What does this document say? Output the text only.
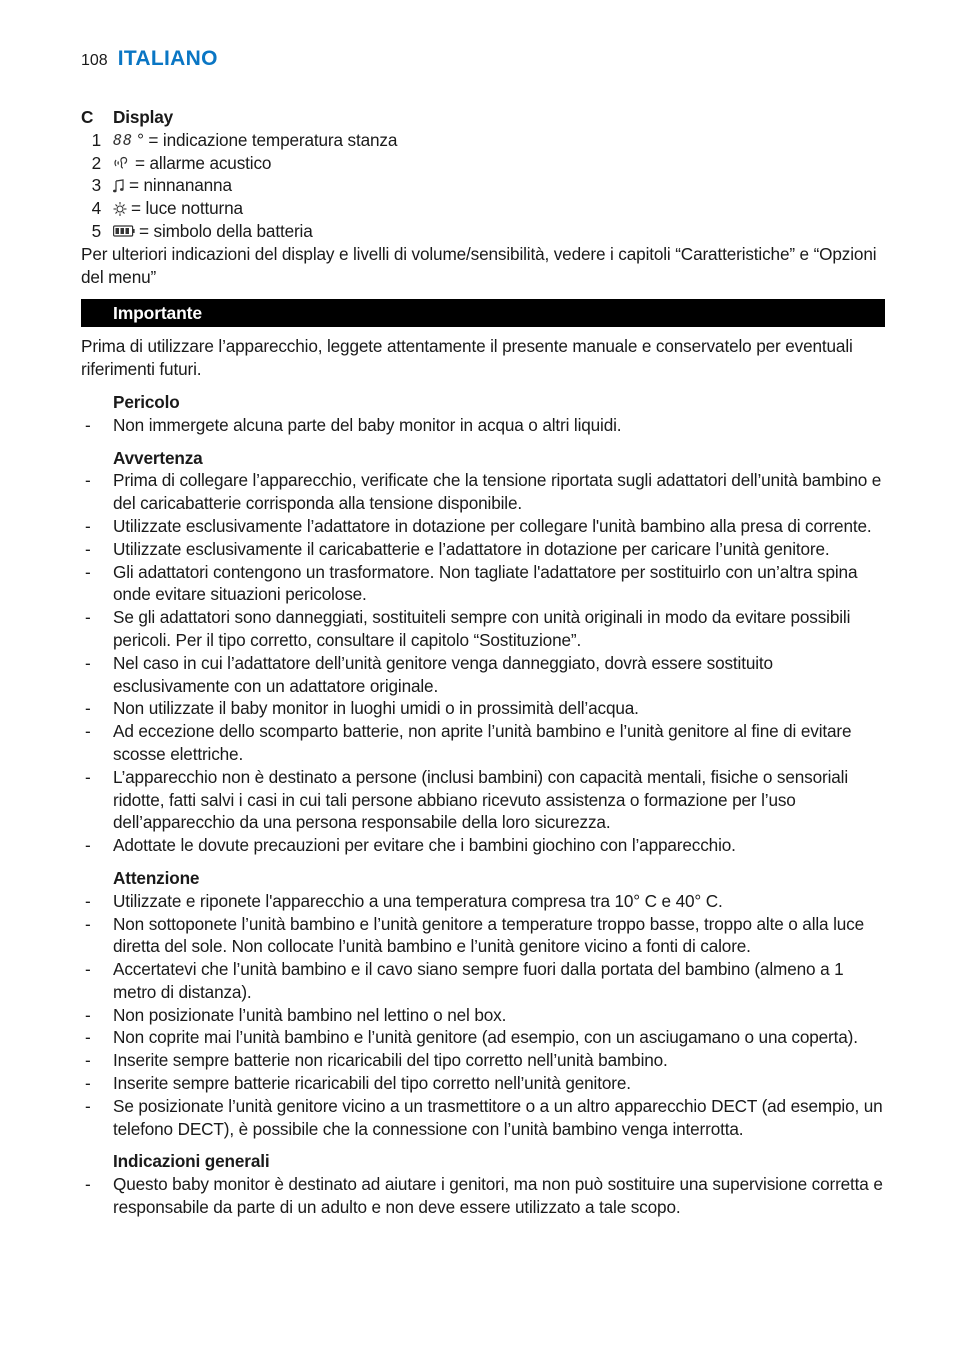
108 ITALIANO
C	Display
1 88 ° = indicazione temperatura stanza
2 = allarme acustico
3 = ninnananna
4 = luce notturna
5 = simbolo della batteria

Per ulteriori indicazioni del display e livelli di volume/sensibilità, vedere i capitoli “Caratteristiche” e “Opzioni del menu”

Importante

Prima di utilizzare l’apparecchio, leggete attentamente il presente manuale e conservatelo per eventuali riferimenti futuri.

Pericolo
- Non immergete alcuna parte del baby monitor in acqua o altri liquidi.
Avvertenza
- Prima di collegare l’apparecchio, verificate che la tensione riportata sugli adattatori dell’unità bambino e del caricabatterie corrisponda alla tensione disponibile.
- Utilizzate esclusivamente l’adattatore in dotazione per collegare l'unità bambino alla presa di corrente.
- Utilizzate esclusivamente il caricabatterie e l’adattatore in dotazione per caricare l’unità genitore.
- Gli adattatori contengono un trasformatore. Non tagliate l'adattatore per sostituirlo con un’altra spina onde evitare situazioni pericolose.
- Se gli adattatori sono danneggiati, sostituiteli sempre con unità originali in modo da evitare possibili pericoli. Per il tipo corretto, consultare il capitolo “Sostituzione”.
- Nel caso in cui l’adattatore dell’unità genitore venga danneggiato, dovrà essere sostituito esclusivamente con un adattatore originale.
- Non utilizzate il baby monitor in luoghi umidi o in prossimità dell’acqua.
- Ad eccezione dello scomparto batterie, non aprite l’unità bambino e l’unità genitore al fine di evitare scosse elettriche.
- L’apparecchio non è destinato a persone (inclusi bambini) con capacità mentali, fisiche o sensoriali ridotte, fatti salvi i casi in cui tali persone abbiano ricevuto assistenza o formazione per l’uso dell’apparecchio da una persona responsabile della loro sicurezza.
- Adottate le dovute precauzioni per evitare che i bambini giochino con l’apparecchio.
Attenzione
- Utilizzate e riponete l'apparecchio a una temperatura compresa tra 10° C e 40° C.
- Non sottoponete l’unità bambino e l’unità genitore a temperature troppo basse, troppo alte o alla luce diretta del sole. Non collocate l’unità bambino e l’unità genitore vicino a fonti di calore.
- Accertatevi che l’unità bambino e il cavo siano sempre fuori dalla portata del bambino (almeno a 1 metro di distanza).
- Non posizionate l’unità bambino nel lettino o nel box.
- Non coprite mai l’unità bambino e l’unità genitore (ad esempio, con un asciugamano o una coperta).
- Inserite sempre batterie non ricaricabili del tipo corretto nell’unità bambino.
- Inserite sempre batterie ricaricabili del tipo corretto nell’unità genitore.
- Se posizionate l’unità genitore vicino a un trasmettitore o a un altro apparecchio DECT (ad esempio, un telefono DECT), è possibile che la connessione con l’unità bambino venga interrotta.
Indicazioni generali
- Questo baby monitor è destinato ad aiutare i genitori, ma non può sostituire una supervisione corretta e responsabile da parte di un adulto e non deve essere utilizzato a tale scopo.
